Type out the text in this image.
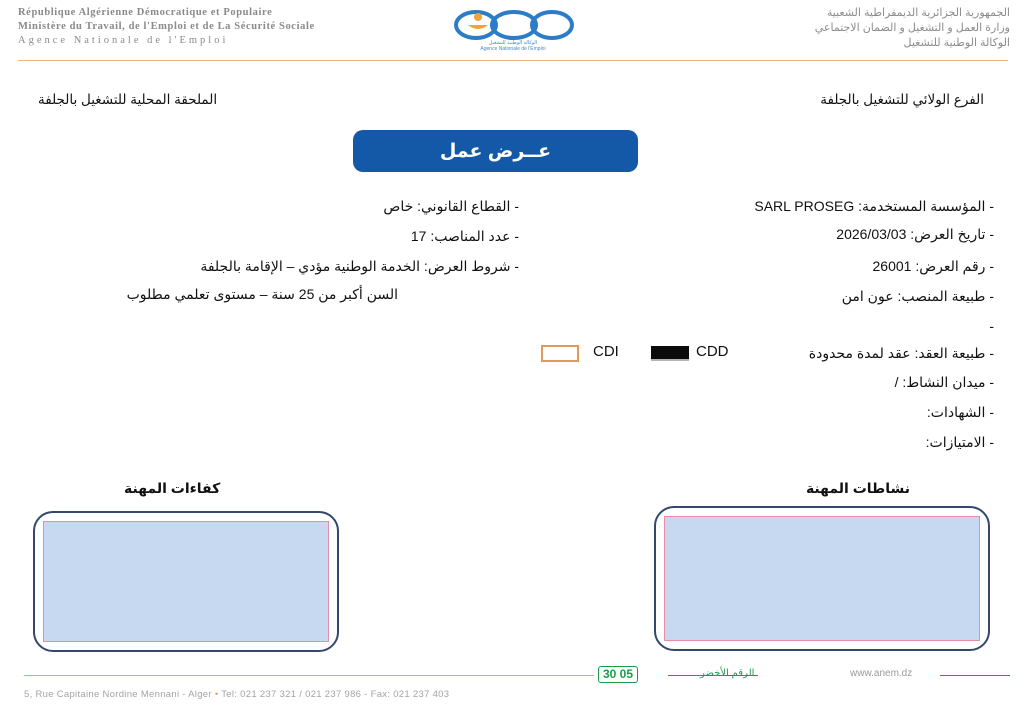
République Algérienne Démocratique et Populaire
Ministère du Travail, de l'Emploi et de La Sécurité Sociale
Agence Nationale de l'Emploi	الوكالة الوطنية للتشغيل
Agence Nationale de l'Emploi
الجمهورية الجزائرية الديمقراطية الشعبية
وزارة العمل و التشغيل و الضمان الاجتماعي
الوكالة الوطنية للتشغيل
الفرع الولائي للتشغيل بالجلفة
الملحقة المحلية للتشغيل بالجلفة
عــرض عمل
- المؤسسة المستخدمة: SARL PROSEG
- تاريخ العرض: 2026/03/03
- رقم العرض: 26001
- طبيعة المنصب: عون امن
-
- طبيعة العقد: عقد لمدة محدودة
- ميدان النشاط: /
- الشهادات:
- الامتيازات:
- القطاع القانوني: خاص
- عدد المناصب: 17
- شروط العرض: الخدمة الوطنية مؤدي – الإقامة بالجلفة
السن أكبر من 25 سنة – مستوى تعلمي مطلوب
CDD
CDI
نشاطات المهنة
كفاءات المهنة
30 05	الرقم الأخضر	www.anem.dz
5, Rue Capitaine Nordine Mennani - Alger • Tel: 021 237 321 / 021 237 986 - Fax: 021 237 403
